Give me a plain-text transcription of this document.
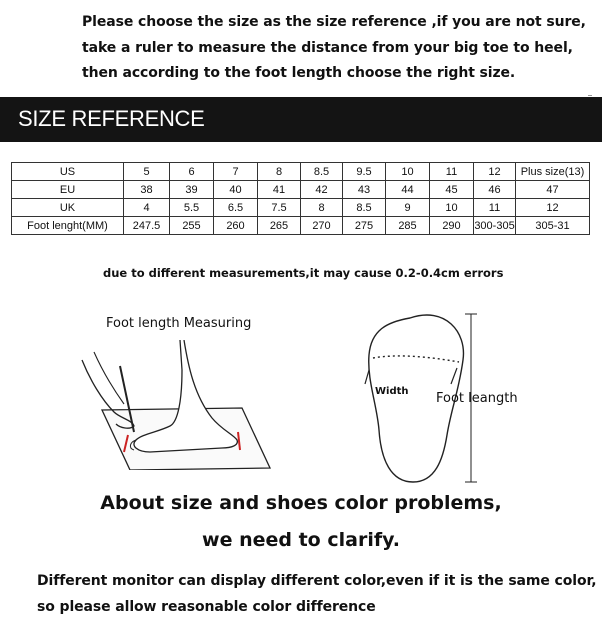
Please choose the size as the size reference ,if you are not sure,
take a ruler to measure the distance from your big toe to heel,
then according to the foot length choose the right size.
SIZE REFERENCE
US	5	6	7	8	8.5	9.5	10	11	12	Plus size(13)
EU	38	39	40	41	42	43	44	45	46	47
UK	4	5.5	6.5	7.5	8	8.5	9	10	11	12
Foot lenght(MM)	247.5	255	260	265	270	275	285	290	300-305	305-31
due to different measurements,it may cause 0.2-0.4cm errors
Foot length Measuring
Width Foot leangth
About size and shoes color problems,
we need to clarify.
Different monitor can display different color,even if it is the same color,
so please allow reasonable color difference
